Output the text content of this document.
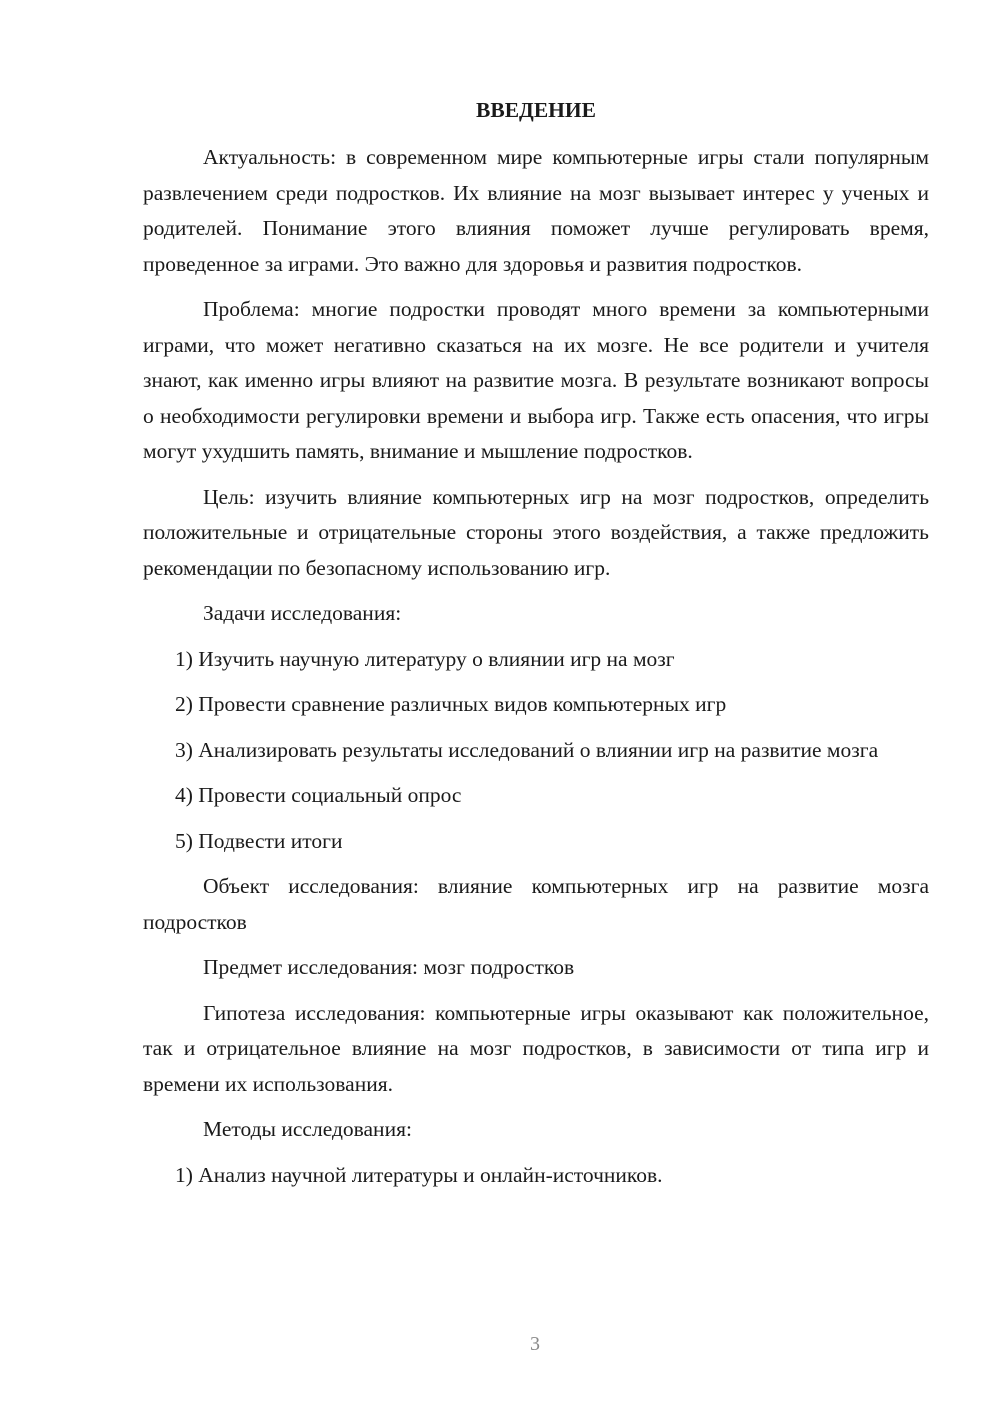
ВВЕДЕНИЕ

Актуальность: в современном мире компьютерные игры стали популярным развлечением среди подростков. Их влияние на мозг вызывает интерес у ученых и родителей. Понимание этого влияния поможет лучше регулировать время, проведенное за играми. Это важно для здоровья и развития подростков.

Проблема: многие подростки проводят много времени за компьютерными играми, что может негативно сказаться на их мозге. Не все родители и учителя знают, как именно игры влияют на развитие мозга. В результате возникают вопросы о необходимости регулировки времени и выбора игр. Также есть опасения, что игры могут ухудшить память, внимание и мышление подростков.

Цель: изучить влияние компьютерных игр на мозг подростков, определить положительные и отрицательные стороны этого воздействия, а также предложить рекомендации по безопасному использованию игр.

Задачи исследования:

1) Изучить научную литературу о влиянии игр на мозг

2) Провести сравнение различных видов компьютерных игр

3) Анализировать результаты исследований о влиянии игр на развитие мозга

4) Провести социальный опрос

5) Подвести итоги

Объект исследования: влияние компьютерных игр на развитие мозга подростков

Предмет исследования: мозг подростков

Гипотеза исследования: компьютерные игры оказывают как положительное, так и отрицательное влияние на мозг подростков, в зависимости от типа игр и времени их использования.

Методы исследования:

1) Анализ научной литературы и онлайн-источников.

3
